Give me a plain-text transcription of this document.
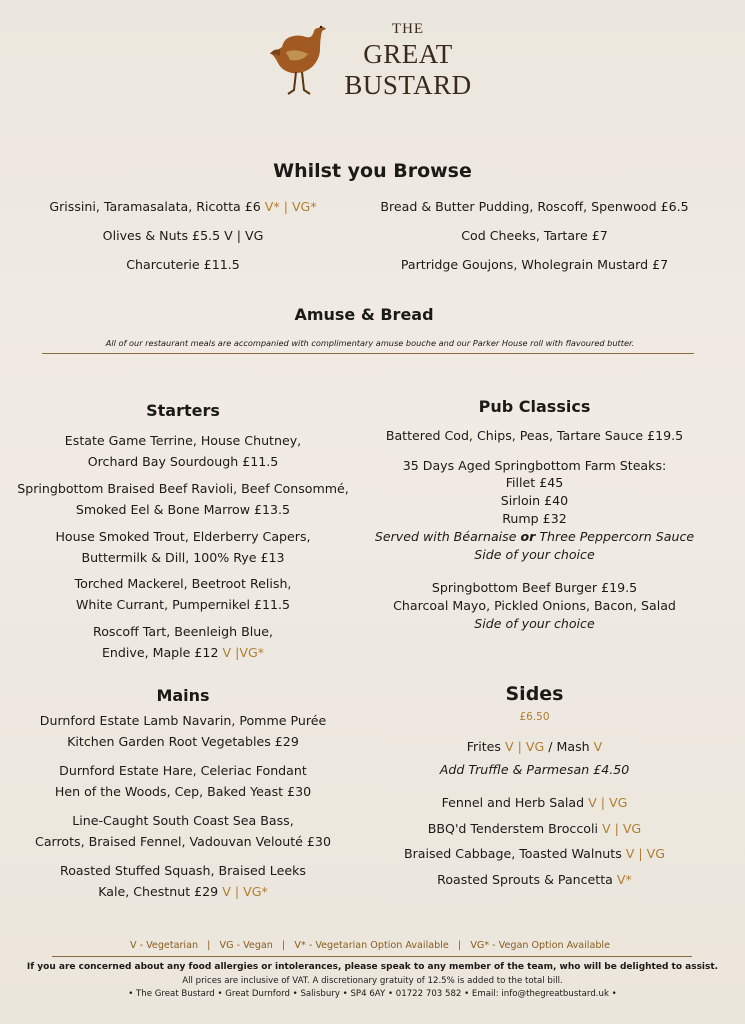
THE
GREAT
BUSTARD
Whilst you Browse
Grissini, Taramasalata, Ricotta £6 V* | VG*
Olives & Nuts £5.5 V | VG
Charcuterie £11.5
Bread & Butter Pudding, Roscoff, Spenwood £6.5
Cod Cheeks, Tartare £7
Partridge Goujons, Wholegrain Mustard £7
Amuse & Bread
All of our restaurant meals are accompanied with complimentary amuse bouche and our Parker House roll with flavoured butter.
Starters
Estate Game Terrine, House Chutney,
Orchard Bay Sourdough £11.5
Springbottom Braised Beef Ravioli, Beef Consommé,
Smoked Eel & Bone Marrow £13.5
House Smoked Trout, Elderberry Capers,
Buttermilk & Dill, 100% Rye £13
Torched Mackerel, Beetroot Relish,
White Currant, Pumpernikel £11.5
Roscoff Tart, Beenleigh Blue,
Endive, Maple £12 V |VG*
Pub Classics
Battered Cod, Chips, Peas, Tartare Sauce £19.5
35 Days Aged Springbottom Farm Steaks:
Fillet £45
Sirloin £40
Rump £32
Served with Béarnaise or Three Peppercorn Sauce
Side of your choice
Springbottom Beef Burger £19.5
Charcoal Mayo, Pickled Onions, Bacon, Salad
Side of your choice
Mains
Durnford Estate Lamb Navarin, Pomme Purée
Kitchen Garden Root Vegetables £29
Durnford Estate Hare, Celeriac Fondant
Hen of the Woods, Cep, Baked Yeast £30
Line-Caught South Coast Sea Bass,
Carrots, Braised Fennel, Vadouvan Velouté £30
Roasted Stuffed Squash, Braised Leeks
Kale, Chestnut £29 V | VG*
Sides
£6.50
Frites V | VG / Mash V
Add Truffle & Parmesan £4.50
Fennel and Herb Salad V | VG
BBQ'd Tenderstem Broccoli V | VG
Braised Cabbage, Toasted Walnuts V | VG
Roasted Sprouts & Pancetta V*
V - Vegetarian   |   VG - Vegan   |   V* - Vegetarian Option Available   |   VG* - Vegan Option Available
If you are concerned about any food allergies or intolerances, please speak to any member of the team, who will be delighted to assist.
All prices are inclusive of VAT. A discretionary gratuity of 12.5% is added to the total bill.
• The Great Bustard • Great Durnford • Salisbury • SP4 6AY • 01722 703 582 • Email: info@thegreatbustard.uk •
